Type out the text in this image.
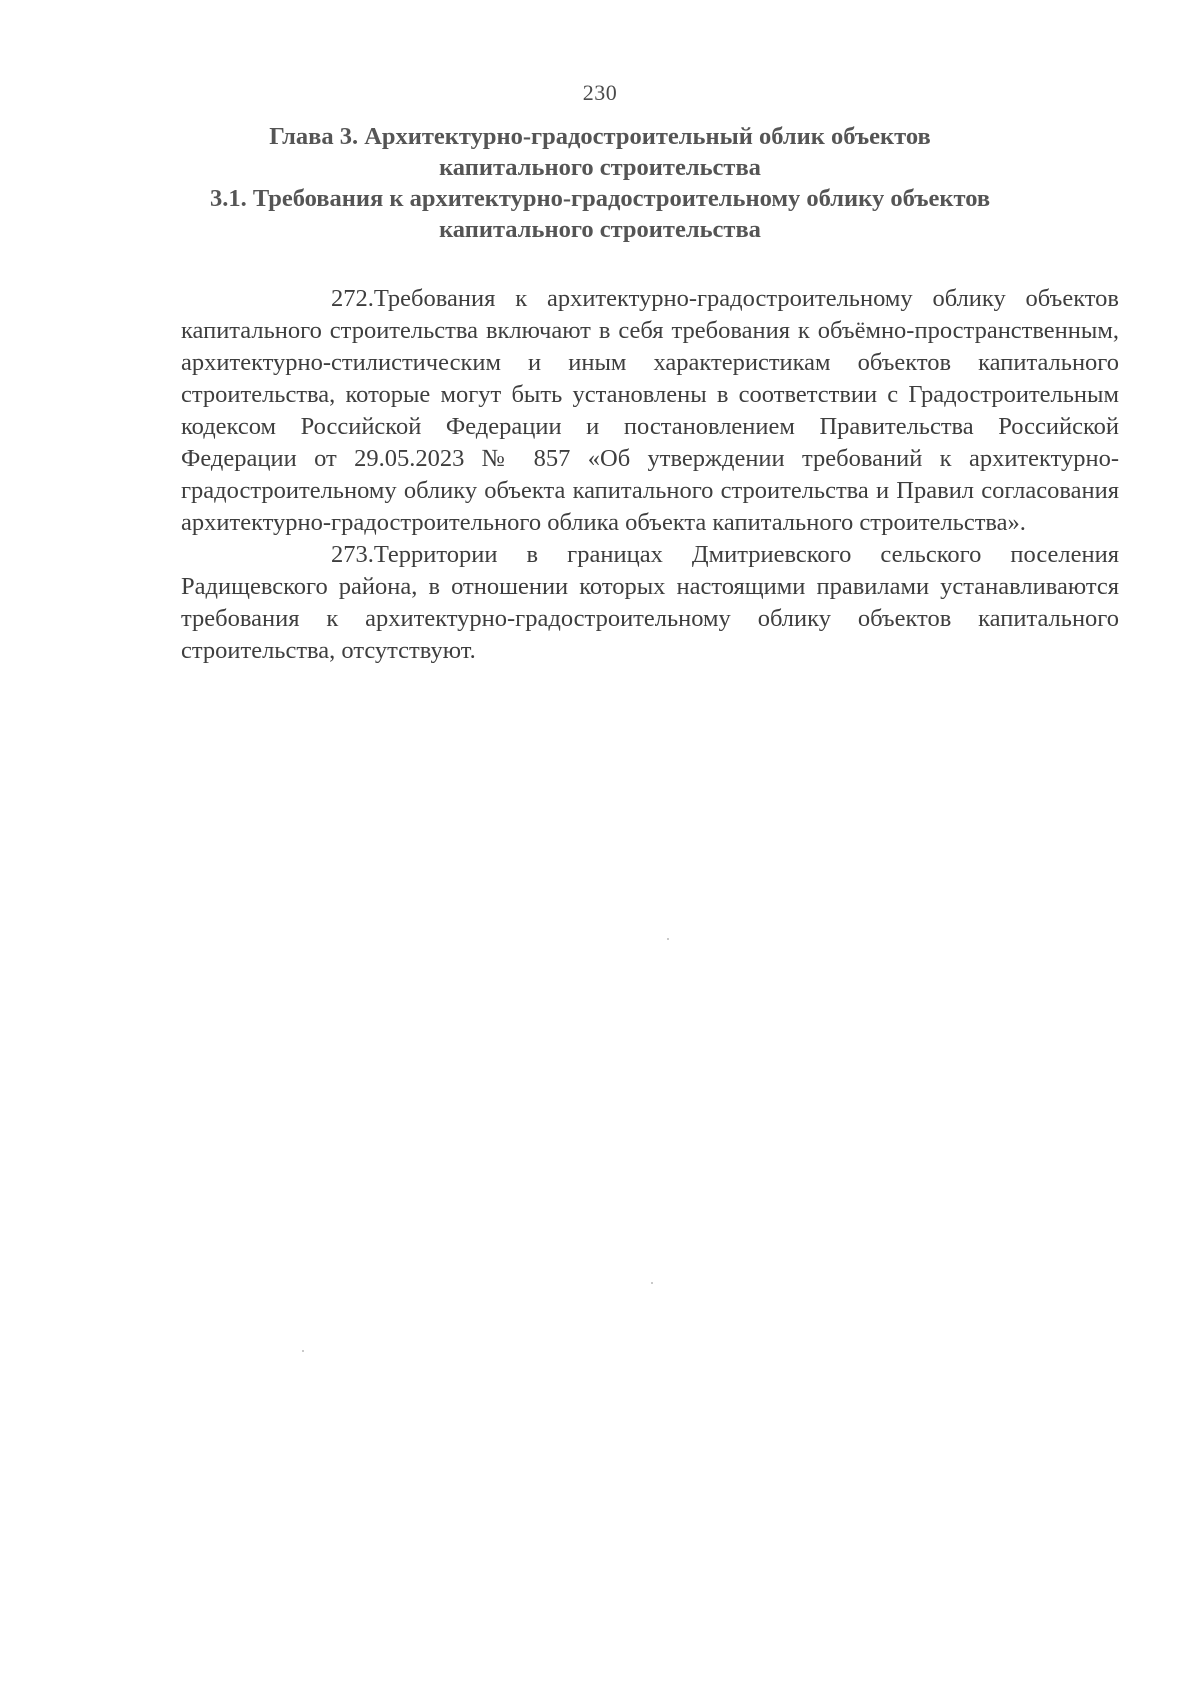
230
Глава 3. Архитектурно-градостроительный облик объектов
капитального строительства
3.1. Требования к архитектурно-градостроительному облику объектов
капитального строительства

272.Требования к архитектурно-градостроительному облику объектов капитального строительства включают в себя требования к объёмно-пространственным, архитектурно-стилистическим и иным характеристикам объектов капитального строительства, которые могут быть установлены в соответствии с Градостроительным кодексом Российской Федерации и постановлением Правительства Российской Федерации от 29.05.2023 № 857 «Об утверждении требований к архитектурно-градостроительному облику объекта капитального строительства и Правил согласования архитектурно-градостроительного облика объекта капитального строительства».

273.Территории в границах Дмитриевского сельского поселения Радищевского района, в отношении которых настоящими правилами устанавливаются требования к архитектурно-градостроительному облику объектов капитального строительства, отсутствуют.
